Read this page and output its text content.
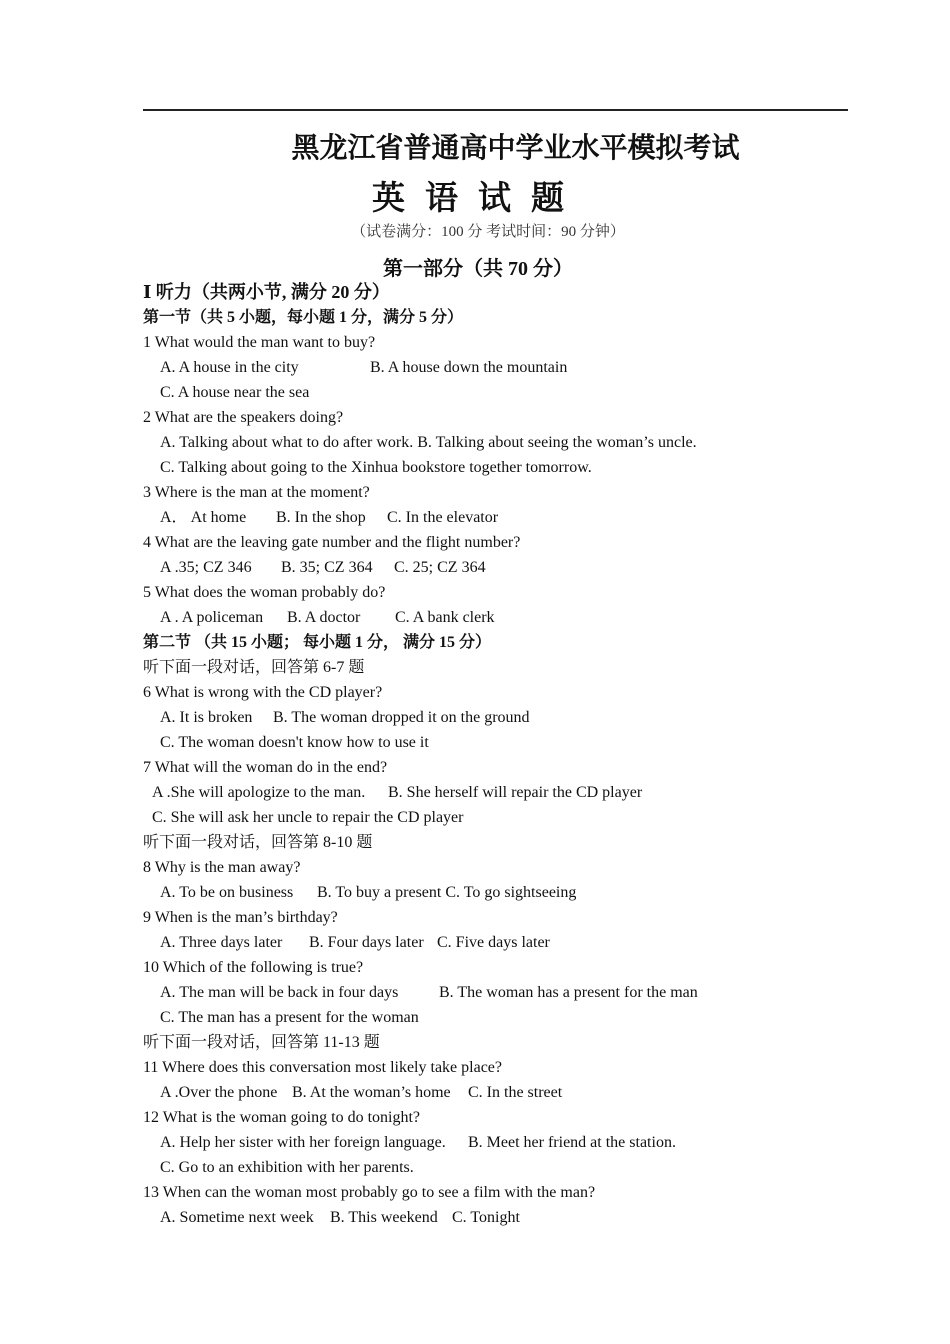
黑龙江省普通高中学业水平模拟考试
英语试题
（试卷满分：100 分 考试时间：90 分钟）
第一部分（共 70 分）
Ⅰ 听力（共两小节, 满分 20 分）
第一节（共 5 小题，每小题 1 分，满分 5 分）
1 What would the man want to buy?
A. A house in the city	B. A house down the mountain
C. A house near the sea
2 What are the speakers doing?
A. Talking about what to do after work. B. Talking about seeing the woman’s uncle.
C. Talking about going to the Xinhua bookstore together tomorrow.
3 Where is the man at the moment?
A． At home B. In the shop C. In the elevator
4 What are the leaving gate number and the flight number?
A .35; CZ 346 B. 35; CZ 364 C. 25; CZ 364
5 What does the woman probably do?
A . A policeman B. A doctor C. A bank clerk
第二节 （共 15 小题； 每小题 1 分， 满分 15 分）
听下面一段对话，回答第 6-7 题
6 What is wrong with the CD player?
A. It is broken B. The woman dropped it on the ground
C. The woman doesn't know how to use it
7 What will the woman do in the end?
A .She will apologize to the man. B. She herself will repair the CD player
C. She will ask her uncle to repair the CD player
听下面一段对话，回答第 8-10 题
8 Why is the man away?
A. To be on business B. To buy a present C. To go sightseeing
9 When is the man’s birthday?
A. Three days later B. Four days later C. Five days later
10 Which of the following is true?
A. The man will be back in four days	B. The woman has a present for the man
C. The man has a present for the woman
听下面一段对话，回答第 11-13 题
11 Where does this conversation most likely take place?
A .Over the phone B. At the woman’s home C. In the street
12 What is the woman going to do tonight?
A. Help her sister with her foreign language. B. Meet her friend at the station.
C. Go to an exhibition with her parents.
13 When can the woman most probably go to see a film with the man?
A. Sometime next week B. This weekend C. Tonight
